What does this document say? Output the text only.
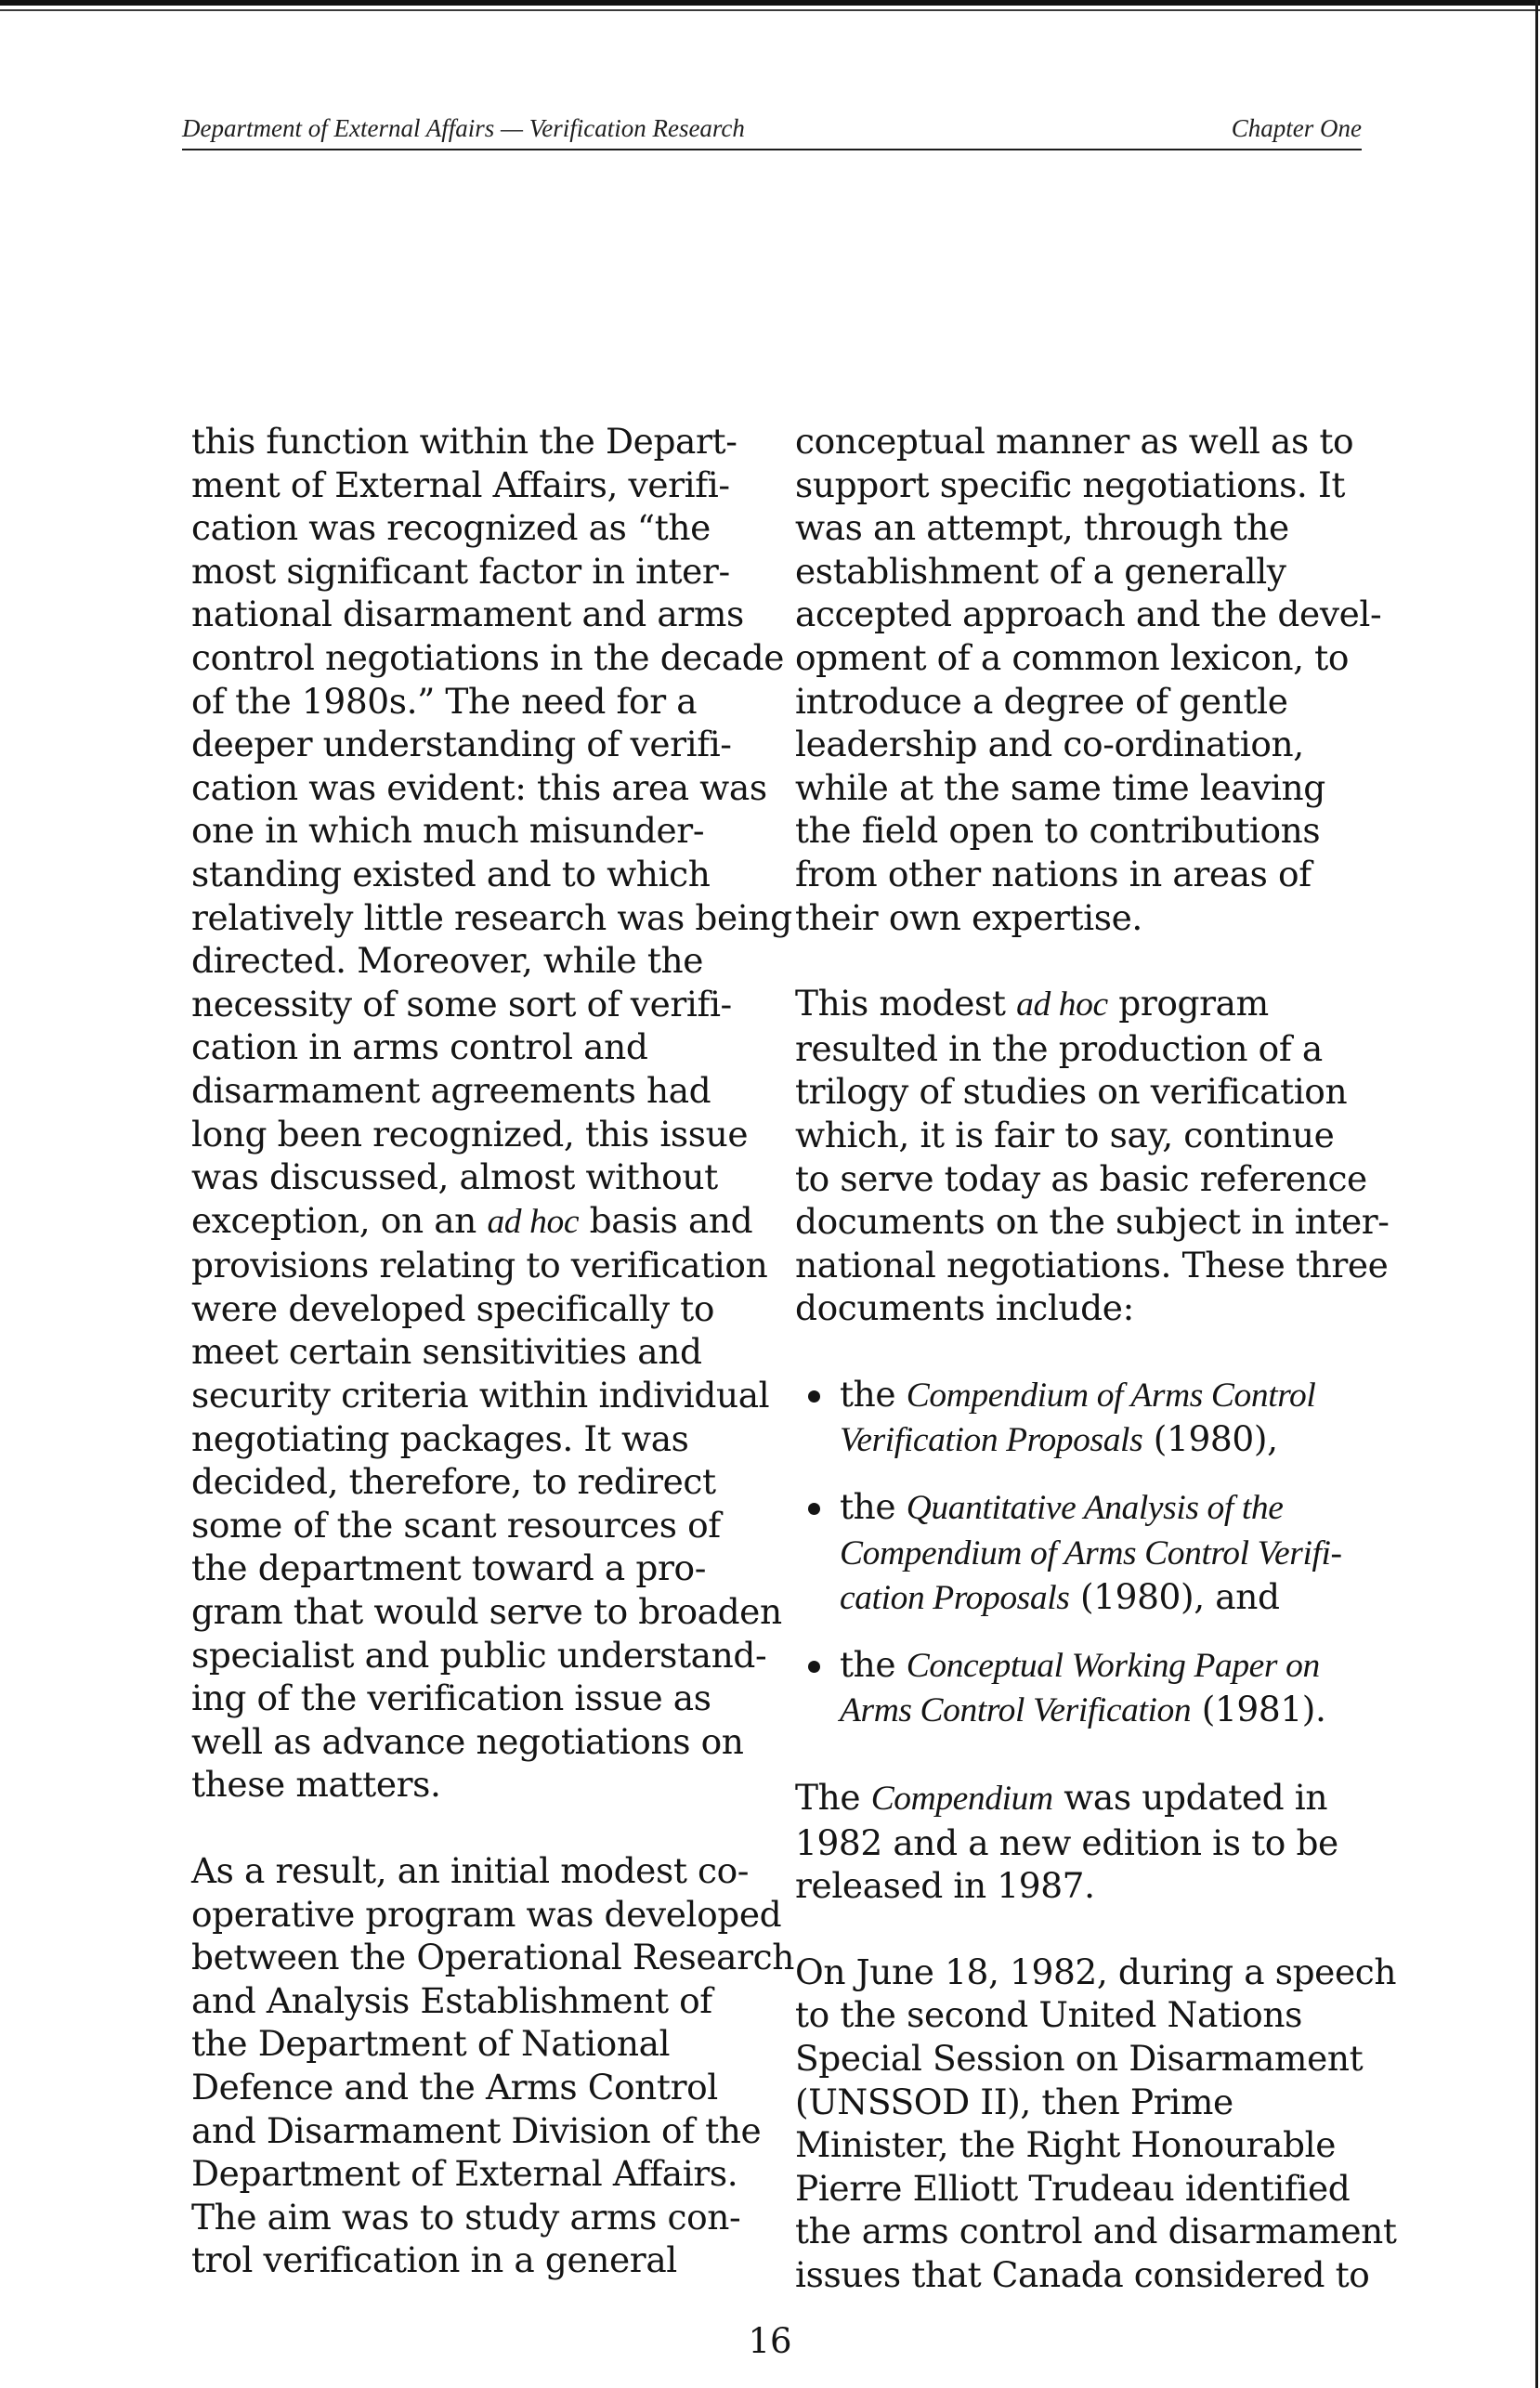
Department of External Affairs — Verification Research	Chapter One

this function within the Depart-
ment of External Affairs, verifi-
cation was recognized as “the
most significant factor in inter-
national disarmament and arms
control negotiations in the decade
of the 1980s.” The need for a
deeper understanding of verifi-
cation was evident: this area was
one in which much misunder-
standing existed and to which
relatively little research was being
directed. Moreover, while the
necessity of some sort of verifi-
cation in arms control and
disarmament agreements had
long been recognized, this issue
was discussed, almost without
exception, on an ad hoc basis and
provisions relating to verification
were developed specifically to
meet certain sensitivities and
security criteria within individual
negotiating packages. It was
decided, therefore, to redirect
some of the scant resources of
the department toward a pro-
gram that would serve to broaden
specialist and public understand-
ing of the verification issue as
well as advance negotiations on
these matters.

As a result, an initial modest co-
operative program was developed
between the Operational Research
and Analysis Establishment of
the Department of National
Defence and the Arms Control
and Disarmament Division of the
Department of External Affairs.
The aim was to study arms con-
trol verification in a general

conceptual manner as well as to
support specific negotiations. It
was an attempt, through the
establishment of a generally
accepted approach and the devel-
opment of a common lexicon, to
introduce a degree of gentle
leadership and co-ordination,
while at the same time leaving
the field open to contributions
from other nations in areas of
their own expertise.

This modest ad hoc program
resulted in the production of a
trilogy of studies on verification
which, it is fair to say, continue
to serve today as basic reference
documents on the subject in inter-
national negotiations. These three
documents include:

the Compendium of Arms Control
Verification Proposals (1980),
the Quantitative Analysis of the
Compendium of Arms Control Verifi-
cation Proposals (1980), and
the Conceptual Working Paper on
Arms Control Verification (1981).

The Compendium was updated in
1982 and a new edition is to be
released in 1987.

On June 18, 1982, during a speech
to the second United Nations
Special Session on Disarmament
(UNSSOD II), then Prime
Minister, the Right Honourable
Pierre Elliott Trudeau identified
the arms control and disarmament
issues that Canada considered to

16
